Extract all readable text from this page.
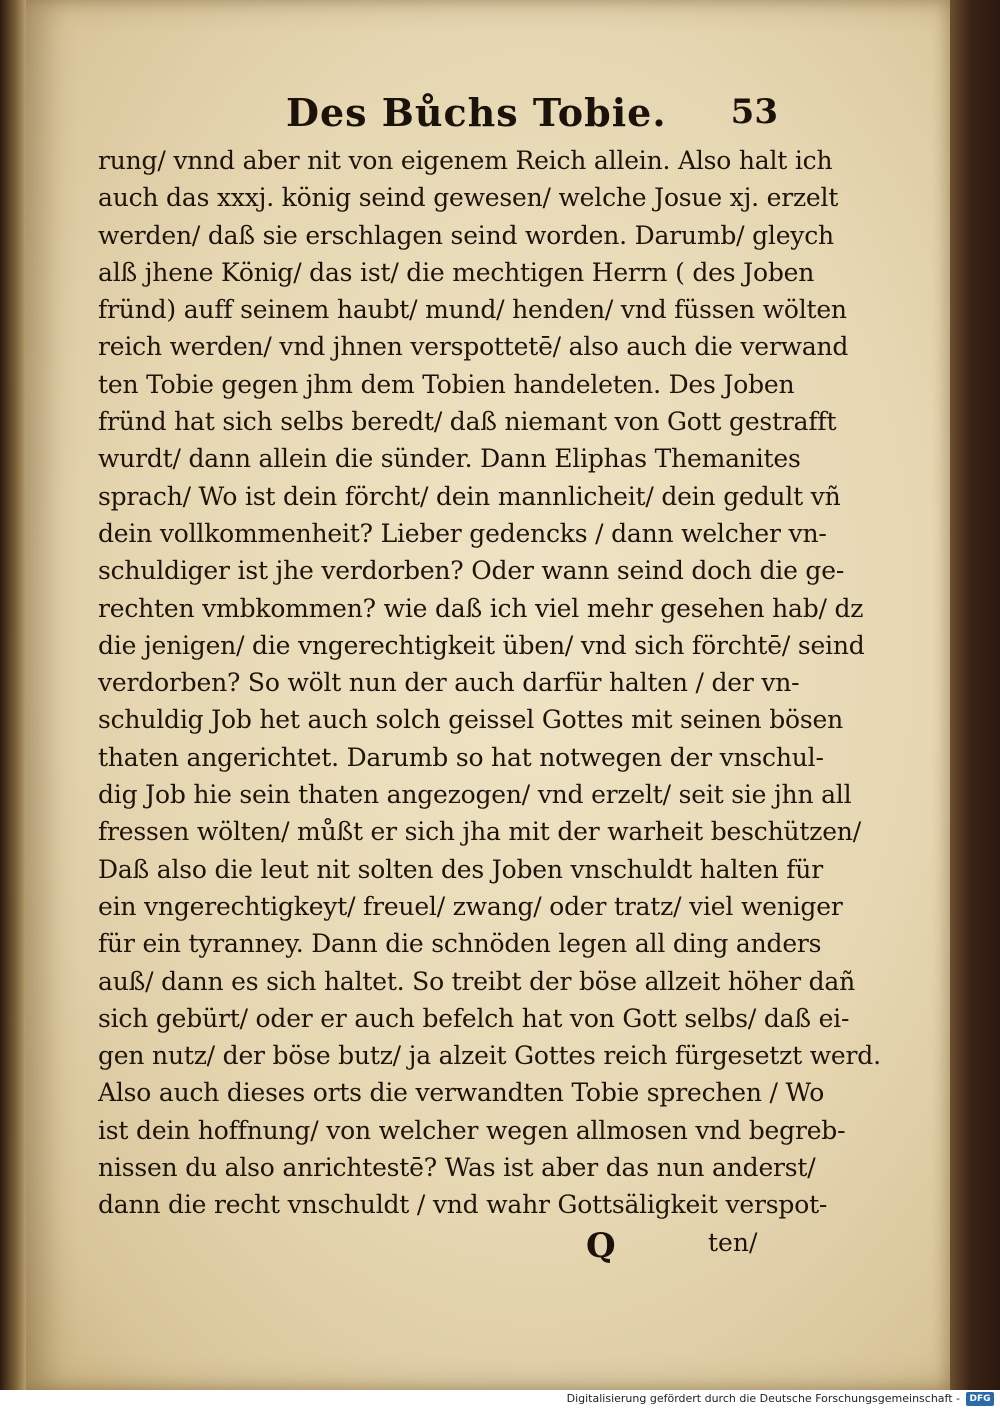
Des Bůchs Tobie. 53
rung/ vnnd aber nit von eigenem Reich allein. Also halt ich
auch das xxxj. könig seind gewesen/ welche Josue xj. erzelt
werden/ daß sie erschlagen seind worden. Darumb/ gleych
alß jhene König/ das ist/ die mechtigen Herrn ( des Joben
fründ) auff seinem haubt/ mund/ henden/ vnd füssen wölten
reich werden/ vnd jhnen verspottetē/ also auch die verwand
ten Tobie gegen jhm dem Tobien handeleten. Des Joben
fründ hat sich selbs beredt/ daß niemant von Gott gestrafft
wurdt/ dann allein die sünder. Dann Eliphas Themanites
sprach/ Wo ist dein förcht/ dein mannlicheit/ dein gedult vñ
dein vollkommenheit? Lieber gedencks / dann welcher vn-
schuldiger ist jhe verdorben? Oder wann seind doch die ge-
rechten vmbkommen? wie daß ich viel mehr gesehen hab/ dz
die jenigen/ die vngerechtigkeit üben/ vnd sich förchtē/ seind
verdorben? So wölt nun der auch darfür halten / der vn-
schuldig Job het auch solch geissel Gottes mit seinen bösen
thaten angerichtet. Darumb so hat notwegen der vnschul-
dig Job hie sein thaten angezogen/ vnd erzelt/ seit sie jhn all
fressen wölten/ můßt er sich jha mit der warheit beschützen/
Daß also die leut nit solten des Joben vnschuldt halten für
ein vngerechtigkeyt/ freuel/ zwang/ oder tratz/ viel weniger
für ein tyranney. Dann die schnöden legen all ding anders
auß/ dann es sich haltet. So treibt der böse allzeit höher dañ
sich gebürt/ oder er auch befelch hat von Gott selbs/ daß ei-
gen nutz/ der böse butz/ ja alzeit Gottes reich fürgesetzt werd.
Also auch dieses orts die verwandten Tobie sprechen / Wo
ist dein hoffnung/ von welcher wegen allmosen vnd begreb-
nissen du also anrichtestē? Was ist aber das nun anderst/
dann die recht vnschuldt / vnd wahr Gottsäligkeit verspot-
Q	ten/
Digitalisierung gefördert durch die Deutsche Forschungsgemeinschaft -	DFG
